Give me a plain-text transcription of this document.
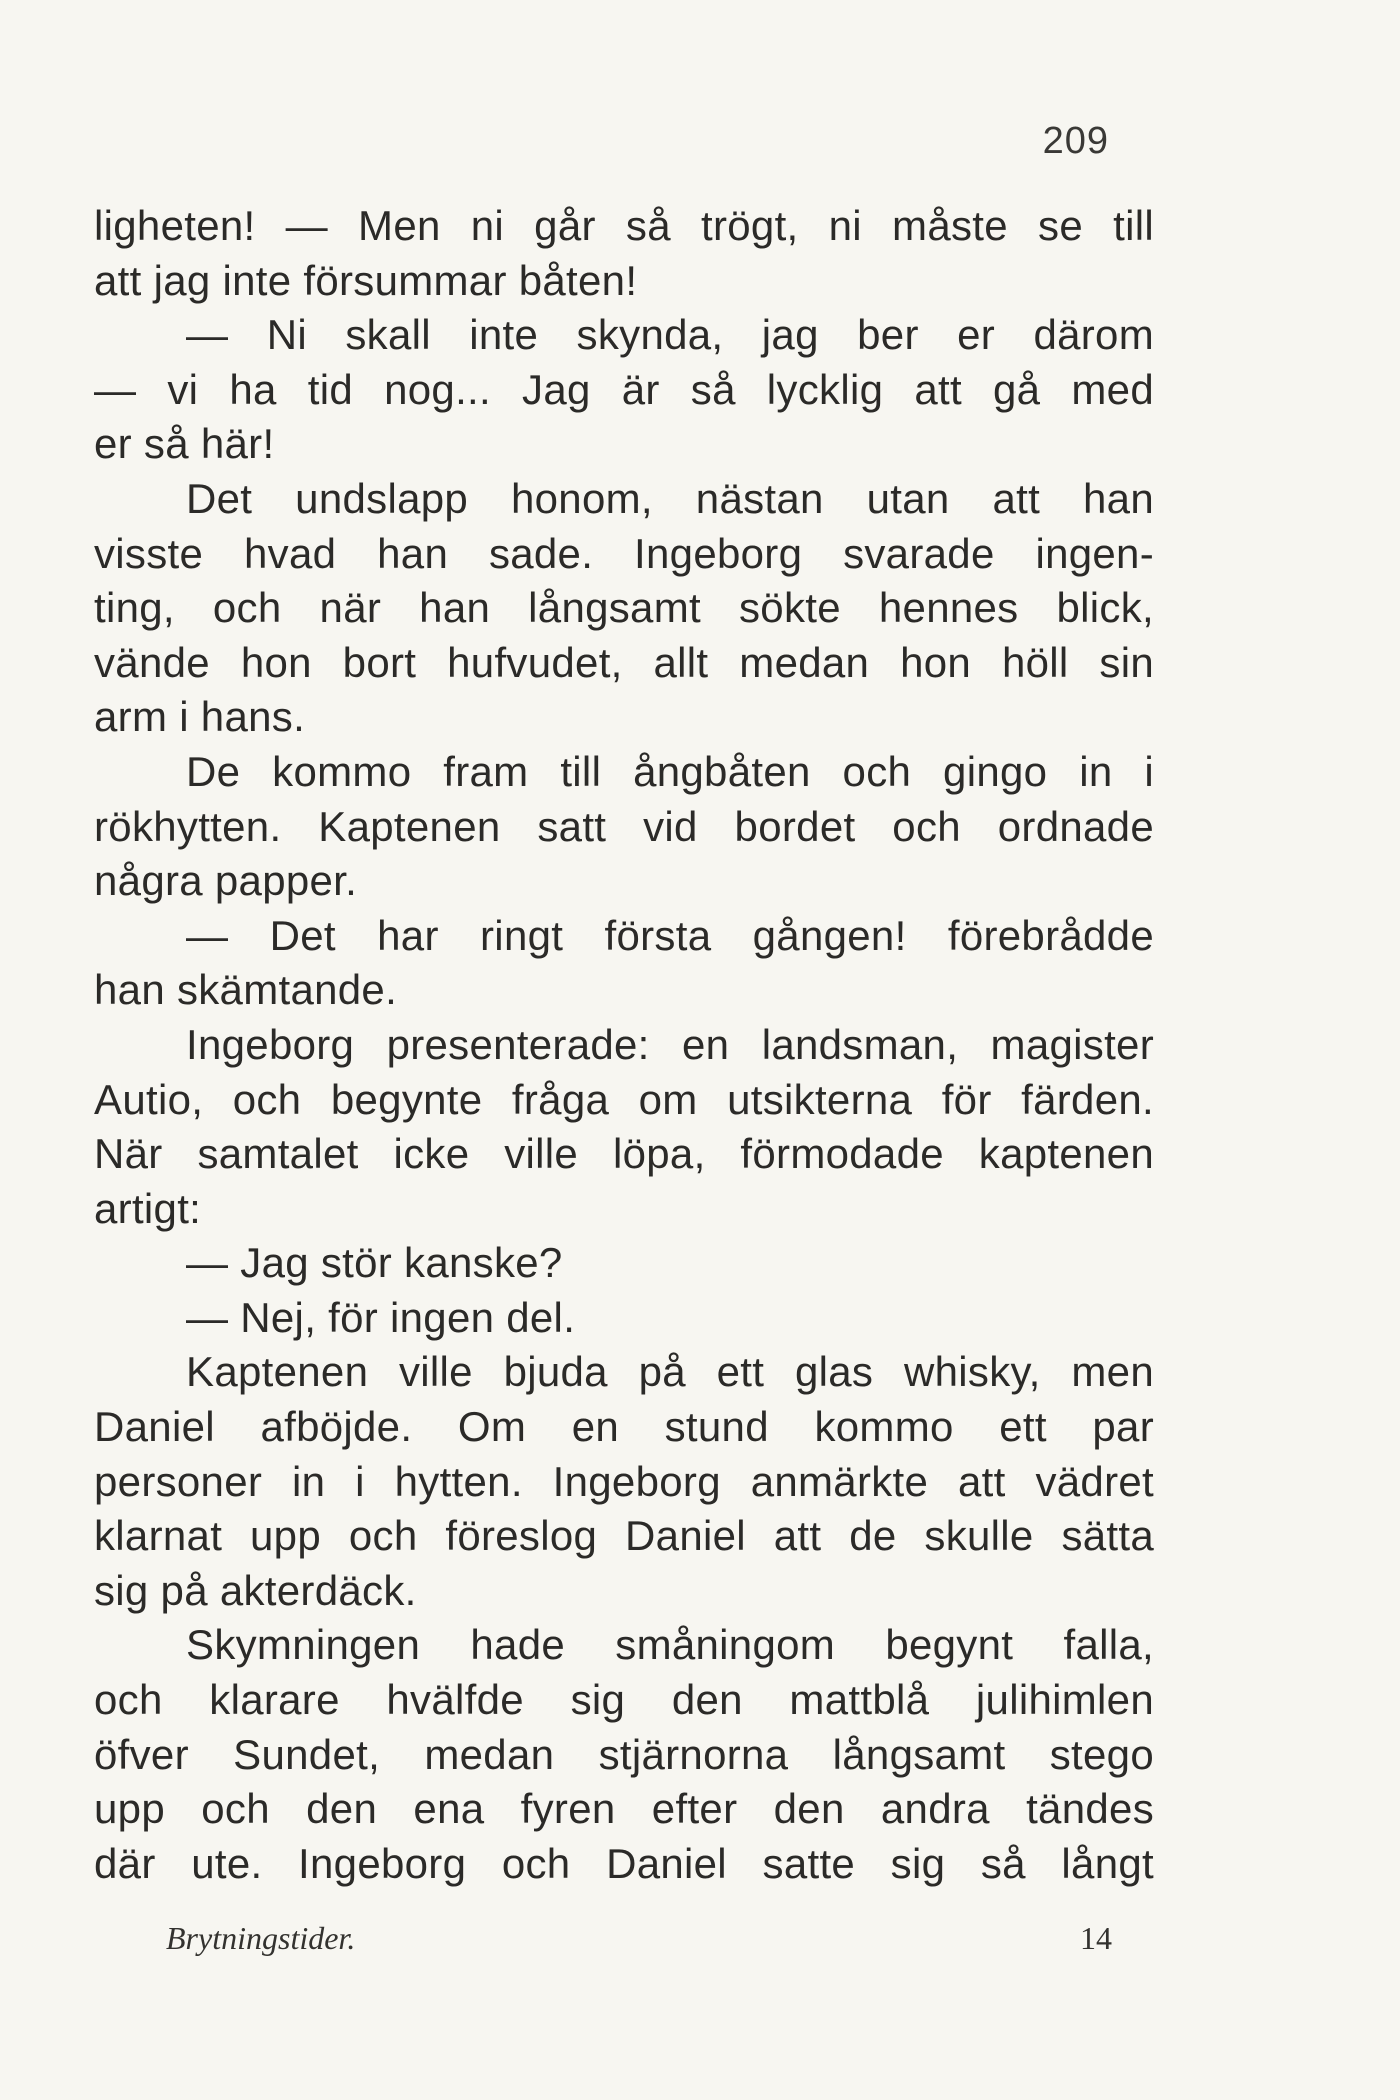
209
ligheten! — Men ni går så trögt, ni måste se till
att jag inte försummar båten!
— Ni skall inte skynda, jag ber er därom
— vi ha tid nog... Jag är så lycklig att gå med
er så här!
Det undslapp honom, nästan utan att han
visste hvad han sade. Ingeborg svarade ingen-
ting, och när han långsamt sökte hennes blick,
vände hon bort hufvudet, allt medan hon höll sin
arm i hans.
De kommo fram till ångbåten och gingo in i
rökhytten. Kaptenen satt vid bordet och ordnade
några papper.
— Det har ringt första gången! förebrådde
han skämtande.
Ingeborg presenterade: en landsman, magister
Autio, och begynte fråga om utsikterna för färden.
När samtalet icke ville löpa, förmodade kaptenen
artigt:
— Jag stör kanske?
— Nej, för ingen del.
Kaptenen ville bjuda på ett glas whisky, men
Daniel afböjde. Om en stund kommo ett par
personer in i hytten. Ingeborg anmärkte att vädret
klarnat upp och föreslog Daniel att de skulle sätta
sig på akterdäck.
Skymningen hade småningom begynt falla,
och klarare hvälfde sig den mattblå julihimlen
öfver Sundet, medan stjärnorna långsamt stego
upp och den ena fyren efter den andra tändes
där ute. Ingeborg och Daniel satte sig så långt
Brytningstider.	14
